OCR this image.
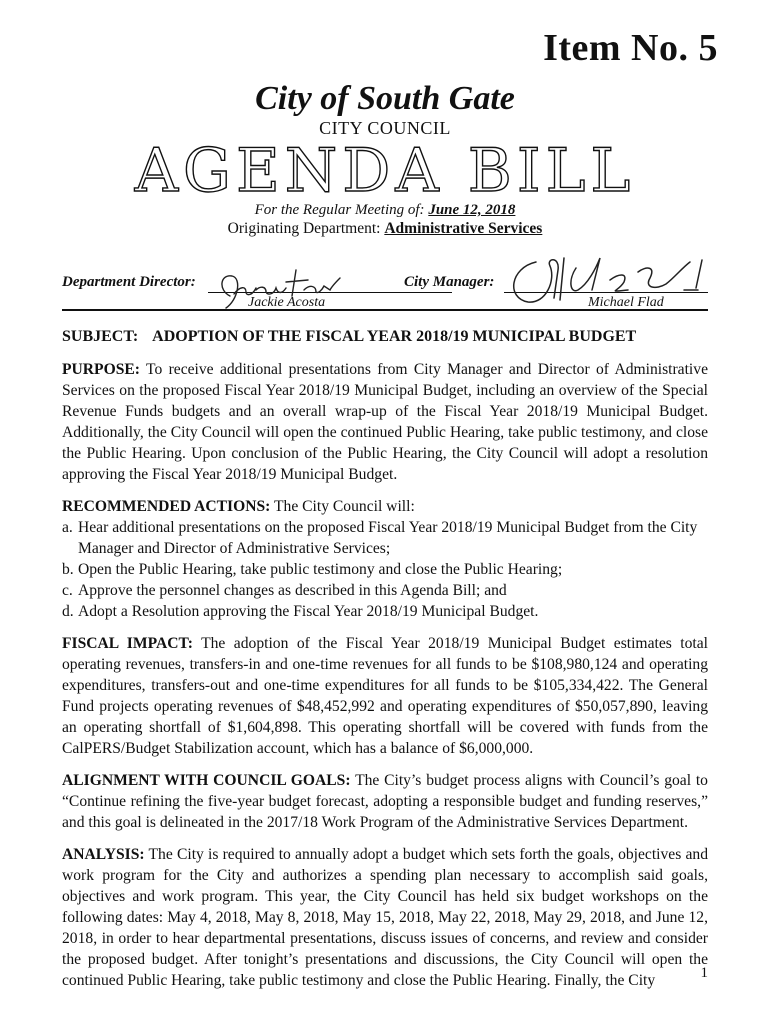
Item No. 5
City of South Gate
CITY COUNCIL
AGENDA BILL
For the Regular Meeting of: June 12, 2018
Originating Department: Administrative Services
Department Director:
Jackie Acosta
City Manager:
Michael Flad

SUBJECT: ADOPTION OF THE FISCAL YEAR 2018/19 MUNICIPAL BUDGET

PURPOSE: To receive additional presentations from City Manager and Director of Administrative Services on the proposed Fiscal Year 2018/19 Municipal Budget, including an overview of the Special Revenue Funds budgets and an overall wrap-up of the Fiscal Year 2018/19 Municipal Budget. Additionally, the City Council will open the continued Public Hearing, take public testimony, and close the Public Hearing. Upon conclusion of the Public Hearing, the City Council will adopt a resolution approving the Fiscal Year 2018/19 Municipal Budget.

RECOMMENDED ACTIONS: The City Council will:
a. Hear additional presentations on the proposed Fiscal Year 2018/19 Municipal Budget from the City Manager and Director of Administrative Services;
b. Open the Public Hearing, take public testimony and close the Public Hearing;
c. Approve the personnel changes as described in this Agenda Bill; and
d. Adopt a Resolution approving the Fiscal Year 2018/19 Municipal Budget.

FISCAL IMPACT: The adoption of the Fiscal Year 2018/19 Municipal Budget estimates total operating revenues, transfers-in and one-time revenues for all funds to be $108,980,124 and operating expenditures, transfers-out and one-time expenditures for all funds to be $105,334,422. The General Fund projects operating revenues of $48,452,992 and operating expenditures of $50,057,890, leaving an operating shortfall of $1,604,898. This operating shortfall will be covered with funds from the CalPERS/Budget Stabilization account, which has a balance of $6,000,000.

ALIGNMENT WITH COUNCIL GOALS: The City’s budget process aligns with Council’s goal to “Continue refining the five-year budget forecast, adopting a responsible budget and funding reserves,” and this goal is delineated in the 2017/18 Work Program of the Administrative Services Department.

ANALYSIS: The City is required to annually adopt a budget which sets forth the goals, objectives and work program for the City and authorizes a spending plan necessary to accomplish said goals, objectives and work program. This year, the City Council has held six budget workshops on the following dates: May 4, 2018, May 8, 2018, May 15, 2018, May 22, 2018, May 29, 2018, and June 12, 2018, in order to hear departmental presentations, discuss issues of concerns, and review and consider the proposed budget. After tonight’s presentations and discussions, the City Council will open the continued Public Hearing, take public testimony and close the Public Hearing. Finally, the City	1
